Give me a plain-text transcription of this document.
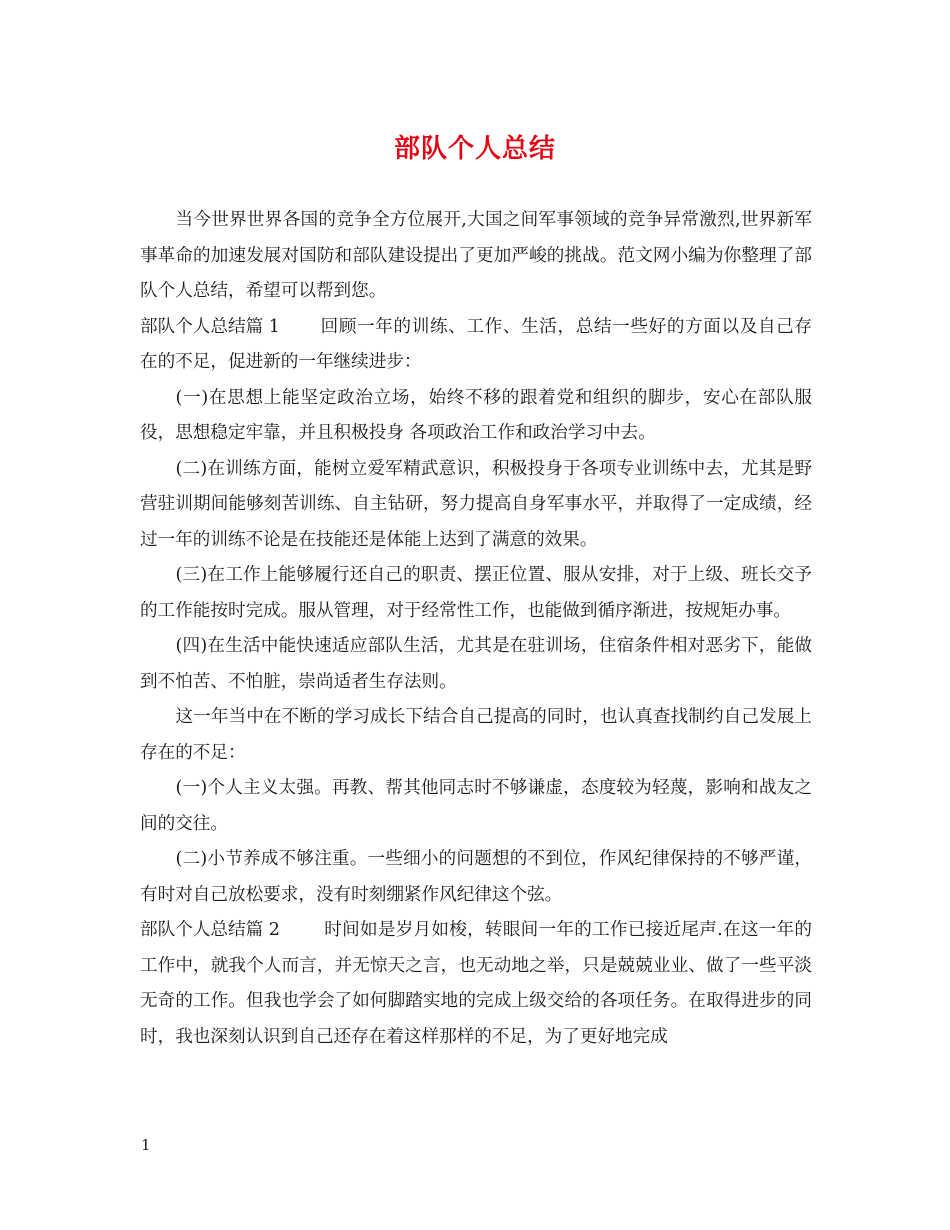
部队个人总结

当今世界世界各国的竞争全方位展开,大国之间军事领域的竞争异常激烈,世界新军事革命的加速发展对国防和部队建设提出了更加严峻的挑战。范文网小编为你整理了部队个人总结，希望可以帮到您。

部队个人总结篇 1 回顾一年的训练、工作、生活，总结一些好的方面以及自己存在的不足，促进新的一年继续进步：

(一)在思想上能坚定政治立场，始终不移的跟着党和组织的脚步，安心在部队服役，思想稳定牢靠，并且积极投身 各项政治工作和政治学习中去。

(二)在训练方面，能树立爱军精武意识，积极投身于各项专业训练中去，尤其是野营驻训期间能够刻苦训练、自主钻研，努力提高自身军事水平，并取得了一定成绩，经过一年的训练不论是在技能还是体能上达到了满意的效果。

(三)在工作上能够履行还自己的职责、摆正位置、服从安排，对于上级、班长交予的工作能按时完成。服从管理，对于经常性工作，也能做到循序渐进，按规矩办事。

(四)在生活中能快速适应部队生活，尤其是在驻训场，住宿条件相对恶劣下，能做到不怕苦、不怕脏，崇尚适者生存法则。

这一年当中在不断的学习成长下结合自己提高的同时，也认真查找制约自己发展上存在的不足：

(一)个人主义太强。再教、帮其他同志时不够谦虚，态度较为轻蔑，影响和战友之间的交往。

(二)小节养成不够注重。一些细小的问题想的不到位，作风纪律保持的不够严谨，有时对自己放松要求，没有时刻绷紧作风纪律这个弦。

部队个人总结篇 2	时间如是岁月如梭，转眼间一年的工作已接近尾声.在这一年的工作中，就我个人而言，并无惊天之言，也无动地之举，只是兢兢业业、做了一些平淡无奇的工作。但我也学会了如何脚踏实地的完成上级交给的各项任务。在取得进步的同时，我也深刻认识到自己还存在着这样那样的不足，为了更好地完成

1
